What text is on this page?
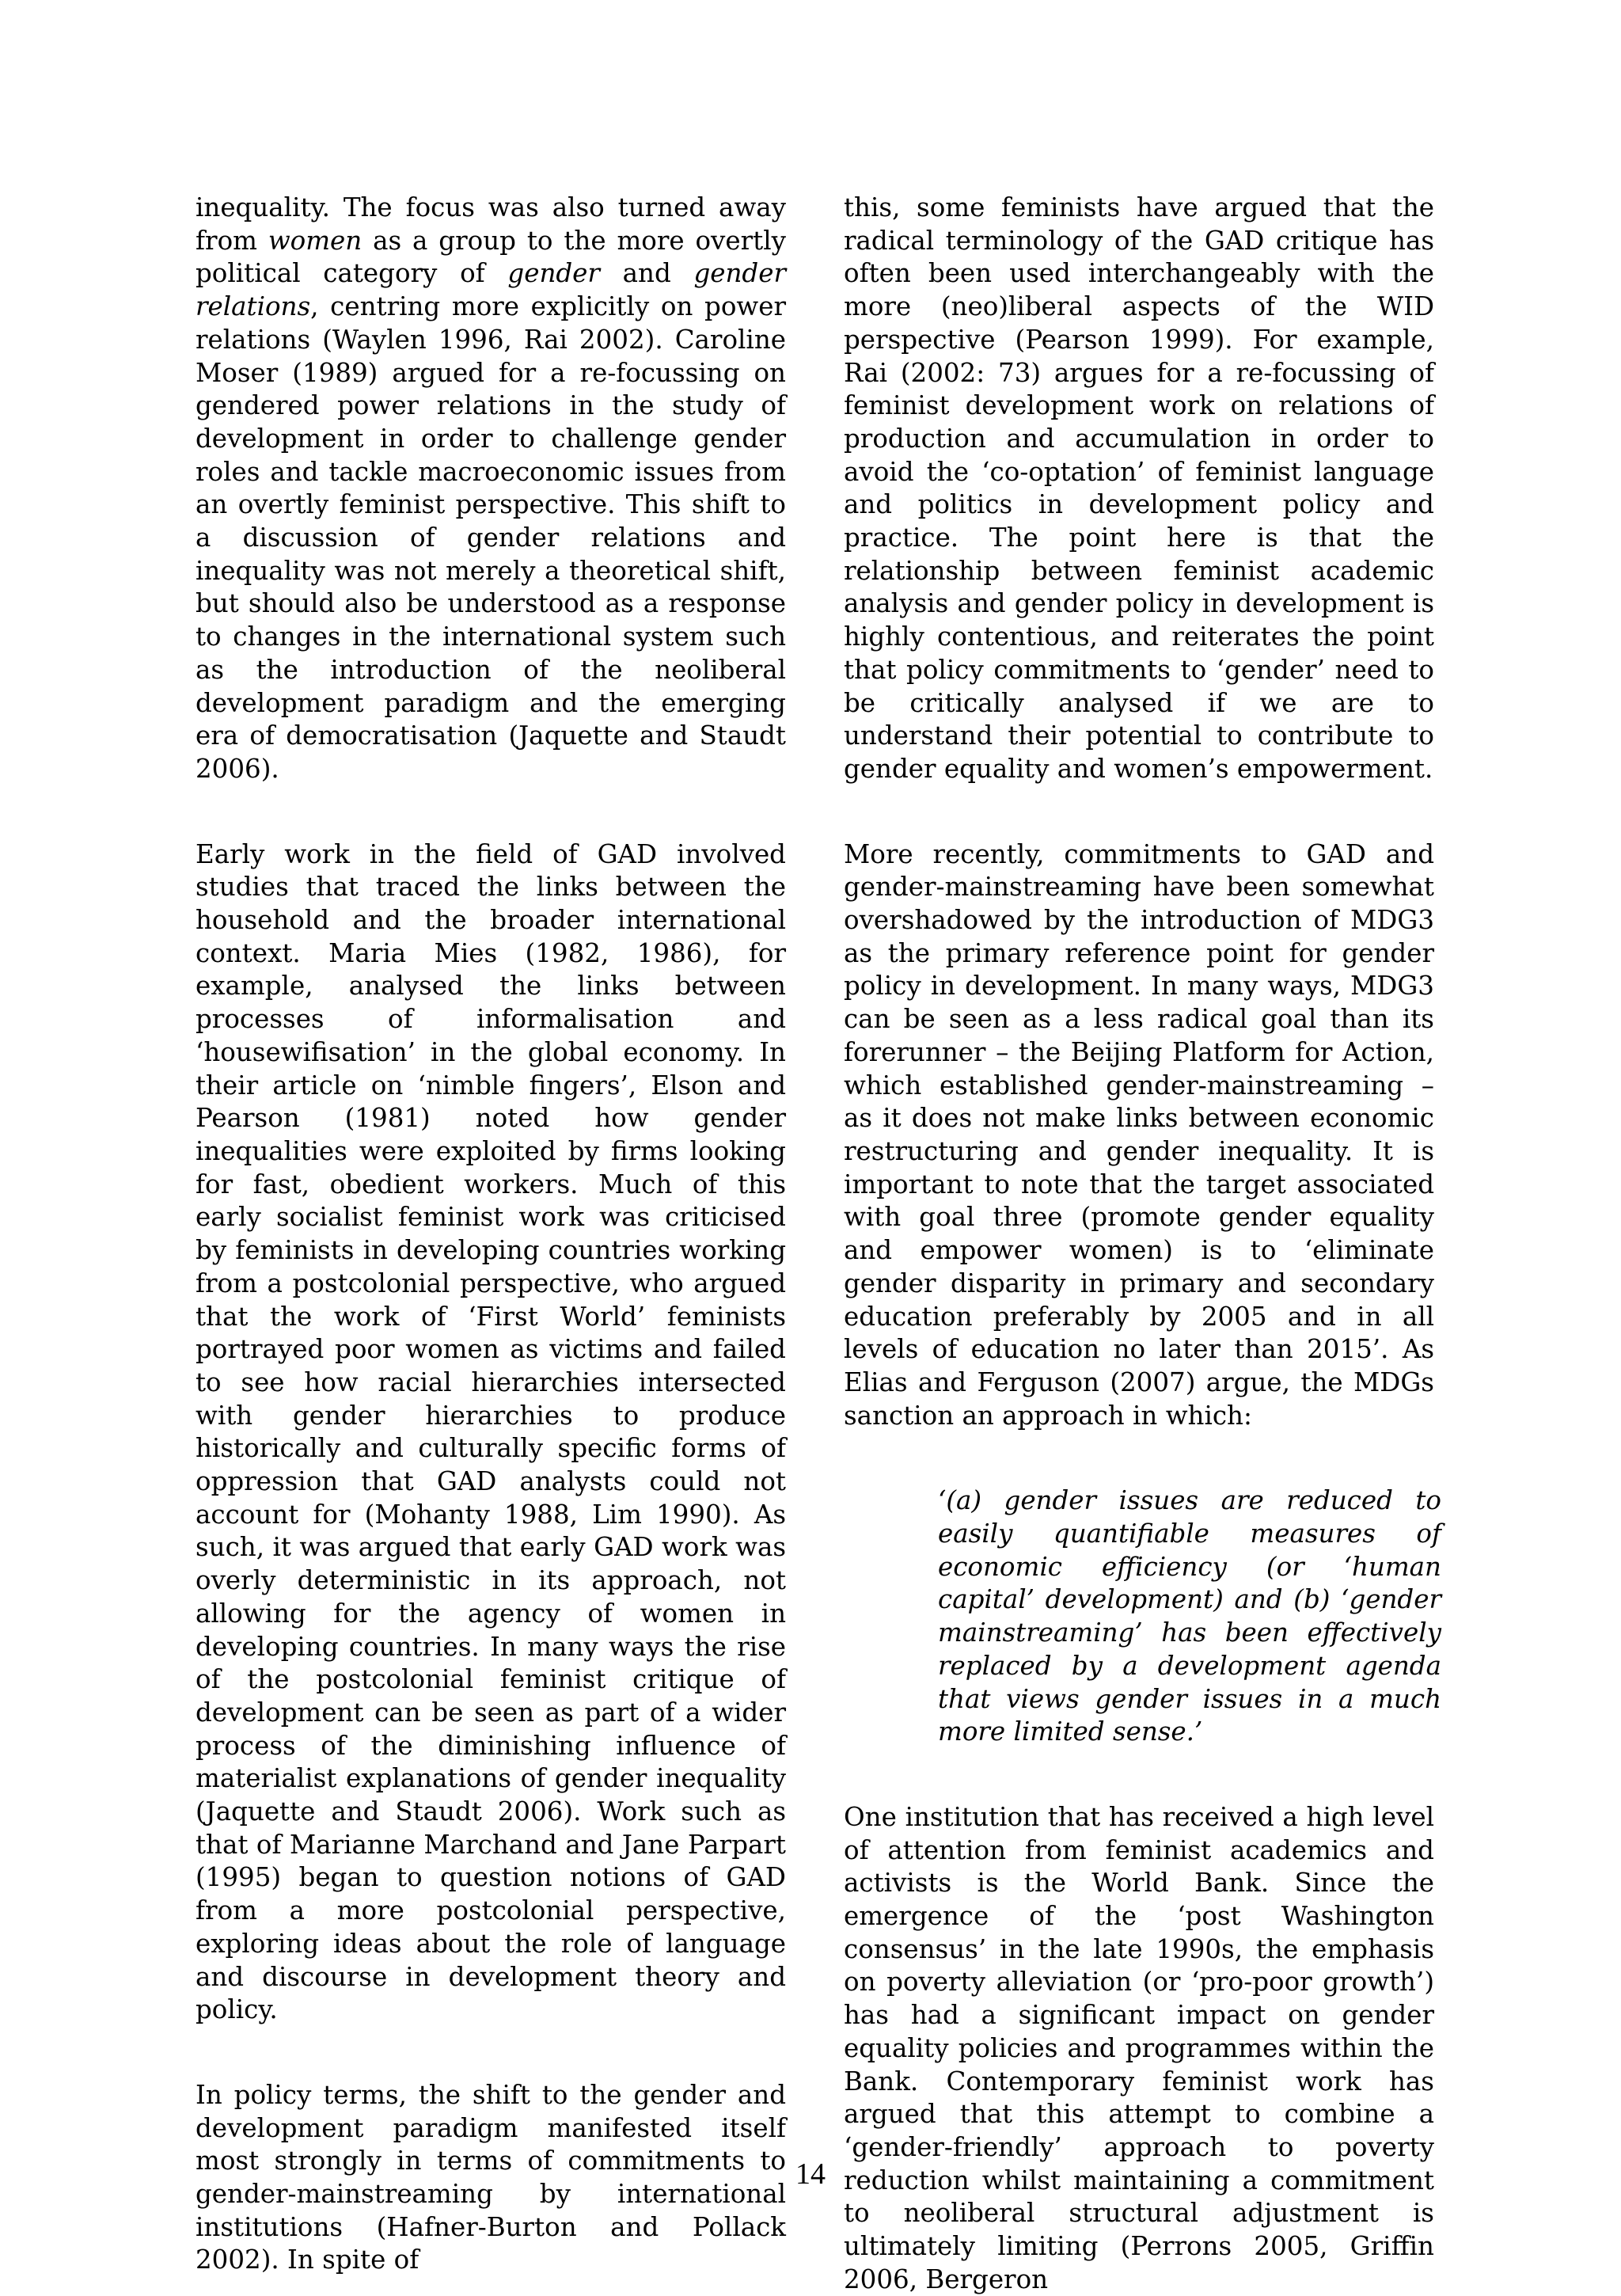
inequality. The focus was also turned away from women as a group to the more overtly political category of gender and gender relations, centring more explicitly on power relations (Waylen 1996, Rai 2002). Caroline Moser (1989) argued for a re-focussing on gendered power relations in the study of development in order to challenge gender roles and tackle macroeconomic issues from an overtly feminist perspective. This shift to a discussion of gender relations and inequality was not merely a theoretical shift, but should also be understood as a response to changes in the international system such as the introduction of the neoliberal development paradigm and the emerging era of democratisation (Jaquette and Staudt 2006).

Early work in the field of GAD involved studies that traced the links between the household and the broader international context. Maria Mies (1982, 1986), for example, analysed the links between processes of informalisation and ‘housewifisation’ in the global economy. In their article on ‘nimble fingers’, Elson and Pearson (1981) noted how gender inequalities were exploited by firms looking for fast, obedient workers. Much of this early socialist feminist work was criticised by feminists in developing countries working from a postcolonial perspective, who argued that the work of ‘First World’ feminists portrayed poor women as victims and failed to see how racial hierarchies intersected with gender hierarchies to produce historically and culturally specific forms of oppression that GAD analysts could not account for (Mohanty 1988, Lim 1990). As such, it was argued that early GAD work was overly deterministic in its approach, not allowing for the agency of women in developing countries. In many ways the rise of the postcolonial feminist critique of development can be seen as part of a wider process of the diminishing influence of materialist explanations of gender inequality (Jaquette and Staudt 2006). Work such as that of Marianne Marchand and Jane Parpart (1995) began to question notions of GAD from a more postcolonial perspective, exploring ideas about the role of language and discourse in development theory and policy.

In policy terms, the shift to the gender and development paradigm manifested itself most strongly in terms of commitments to gender-mainstreaming by international institutions (Hafner-Burton and Pollack 2002). In spite of

this, some feminists have argued that the radical terminology of the GAD critique has often been used interchangeably with the more (neo)liberal aspects of the WID perspective (Pearson 1999). For example, Rai (2002: 73) argues for a re-focussing of feminist development work on relations of production and accumulation in order to avoid the ‘co-optation’ of feminist language and politics in development policy and practice. The point here is that the relationship between feminist academic analysis and gender policy in development is highly contentious, and reiterates the point that policy commitments to ‘gender’ need to be critically analysed if we are to understand their potential to contribute to gender equality and women’s empowerment.

More recently, commitments to GAD and gender-mainstreaming have been somewhat overshadowed by the introduction of MDG3 as the primary reference point for gender policy in development. In many ways, MDG3 can be seen as a less radical goal than its forerunner – the Beijing Platform for Action, which established gender-mainstreaming – as it does not make links between economic restructuring and gender inequality. It is important to note that the target associated with goal three (promote gender equality and empower women) is to ‘eliminate gender disparity in primary and secondary education preferably by 2005 and in all levels of education no later than 2015’. As Elias and Ferguson (2007) argue, the MDGs sanction an approach in which:

‘(a) gender issues are reduced to easily quantifiable measures of economic efficiency (or ‘human capital’ development) and (b) ‘gender mainstreaming’ has been effectively replaced by a development agenda that views gender issues in a much more limited sense.’

One institution that has received a high level of attention from feminist academics and activists is the World Bank. Since the emergence of the ‘post Washington consensus’ in the late 1990s, the emphasis on poverty alleviation (or ‘pro-poor growth’) has had a significant impact on gender equality policies and programmes within the Bank. Contemporary feminist work has argued that this attempt to combine a ‘gender-friendly’ approach to poverty reduction whilst maintaining a commitment to neoliberal structural adjustment is ultimately limiting (Perrons 2005, Griffin 2006, Bergeron

14
